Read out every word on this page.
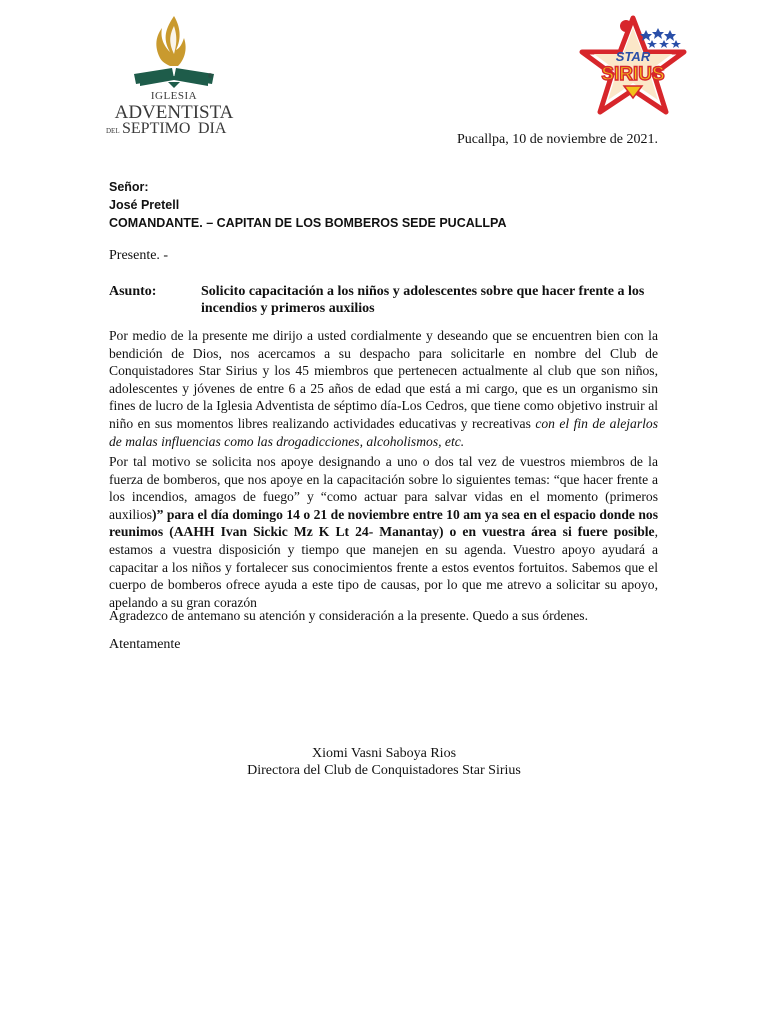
®
IGLESIA
ADVENTISTA
DEL SEPTIMO DIA
STAR
SIRIUS
Pucallpa, 10 de noviembre de 2021.
Señor:
José Pretell
COMANDANTE. – CAPITAN DE LOS BOMBEROS SEDE PUCALLPA
Presente. -
Asunto:	Solicito capacitación a los niños y adolescentes sobre que hacer frente a los incendios y primeros auxilios
Por medio de la presente me dirijo a usted cordialmente y deseando que se encuentren bien con la bendición de Dios, nos acercamos a su despacho para solicitarle en nombre del Club de Conquistadores Star Sirius y los 45 miembros que pertenecen actualmente al club que son niños, adolescentes y jóvenes de entre 6 a 25 años de edad que está a mi cargo, que es un organismo sin fines de lucro de la Iglesia Adventista de séptimo día-Los Cedros, que tiene como objetivo instruir al niño en sus momentos libres realizando actividades educativas y recreativas con el fin de alejarlos de malas influencias como las drogadicciones, alcoholismos, etc.
Por tal motivo se solicita nos apoye designando a uno o dos tal vez de vuestros miembros de la fuerza de bomberos, que nos apoye en la capacitación sobre lo siguientes temas: “que hacer frente a los incendios, amagos de fuego” y “como actuar para salvar vidas en el momento (primeros auxilios)” para el día domingo 14 o 21 de noviembre entre 10 am ya sea en el espacio donde nos reunimos (AAHH Ivan Sickic Mz K Lt 24- Manantay) o en vuestra área si fuere posible, estamos a vuestra disposición y tiempo que manejen en su agenda. Vuestro apoyo ayudará a capacitar a los niños y fortalecer sus conocimientos frente a estos eventos fortuitos. Sabemos que el cuerpo de bomberos ofrece ayuda a este tipo de causas, por lo que me atrevo a solicitar su apoyo, apelando a su gran corazón
Agradezco de antemano su atención y consideración a la presente. Quedo a sus órdenes.
Atentamente
Xiomi Vasni Saboya Rios
Directora del Club de Conquistadores Star Sirius
